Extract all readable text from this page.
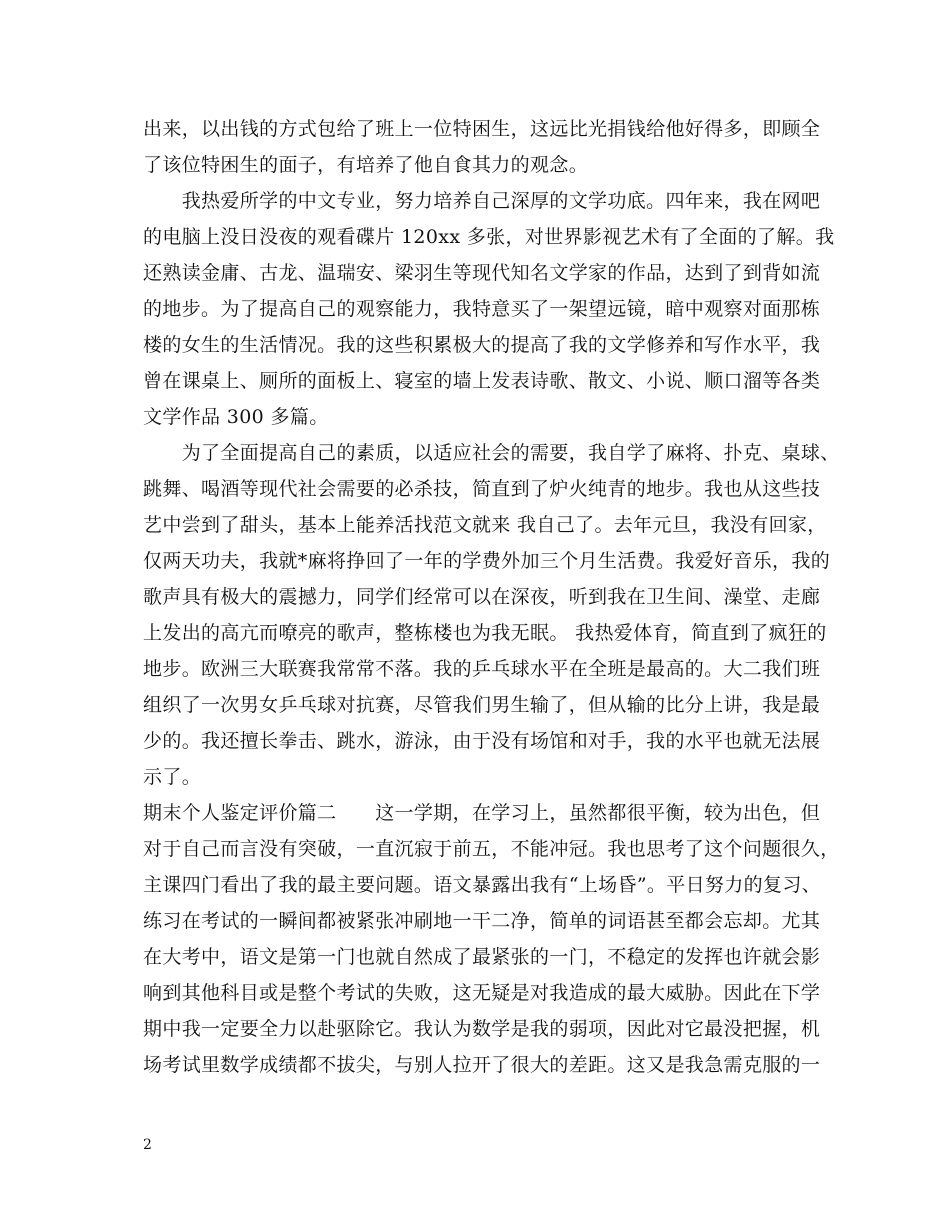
出来，以出钱的方式包给了班上一位特困生，这远比光捐钱给他好得多，即顾全
了该位特困生的面子，有培养了他自食其力的观念。
　　我热爱所学的中文专业，努力培养自己深厚的文学功底。四年来，我在网吧
的电脑上没日没夜的观看碟片 120xx 多张，对世界影视艺术有了全面的了解。我
还熟读金庸、古龙、温瑞安、梁羽生等现代知名文学家的作品，达到了到背如流
的地步。为了提高自己的观察能力，我特意买了一架望远镜，暗中观察对面那栋
楼的女生的生活情况。我的这些积累极大的提高了我的文学修养和写作水平，我
曾在课桌上、厕所的面板上、寝室的墙上发表诗歌、散文、小说、顺口溜等各类
文学作品 300 多篇。
　　为了全面提高自己的素质，以适应社会的需要，我自学了麻将、扑克、桌球、
跳舞、喝酒等现代社会需要的必杀技，简直到了炉火纯青的地步。我也从这些技
艺中尝到了甜头，基本上能养活找范文就来 我自己了。去年元旦，我没有回家，
仅两天功夫，我就*麻将挣回了一年的学费外加三个月生活费。我爱好音乐，我的
歌声具有极大的震撼力，同学们经常可以在深夜，听到我在卫生间、澡堂、走廊
上发出的高亢而嘹亮的歌声，整栋楼也为我无眠。 我热爱体育，简直到了疯狂的
地步。欧洲三大联赛我常常不落。我的乒乓球水平在全班是最高的。大二我们班
组织了一次男女乒乓球对抗赛，尽管我们男生输了，但从输的比分上讲，我是最
少的。我还擅长拳击、跳水，游泳，由于没有场馆和对手，我的水平也就无法展
示了。
期末个人鉴定评价篇二　　这一学期，在学习上，虽然都很平衡，较为出色，但
对于自己而言没有突破，一直沉寂于前五，不能冲冠。我也思考了这个问题很久，
主课四门看出了我的最主要问题。语文暴露出我有“上场昏”。平日努力的复习、
练习在考试的一瞬间都被紧张冲刷地一干二净，简单的词语甚至都会忘却。尤其
在大考中，语文是第一门也就自然成了最紧张的一门，不稳定的发挥也许就会影
响到其他科目或是整个考试的失败，这无疑是对我造成的最大威胁。因此在下学
期中我一定要全力以赴驱除它。我认为数学是我的弱项，因此对它最没把握，机
场考试里数学成绩都不拔尖，与别人拉开了很大的差距。这又是我急需克服的一
2
